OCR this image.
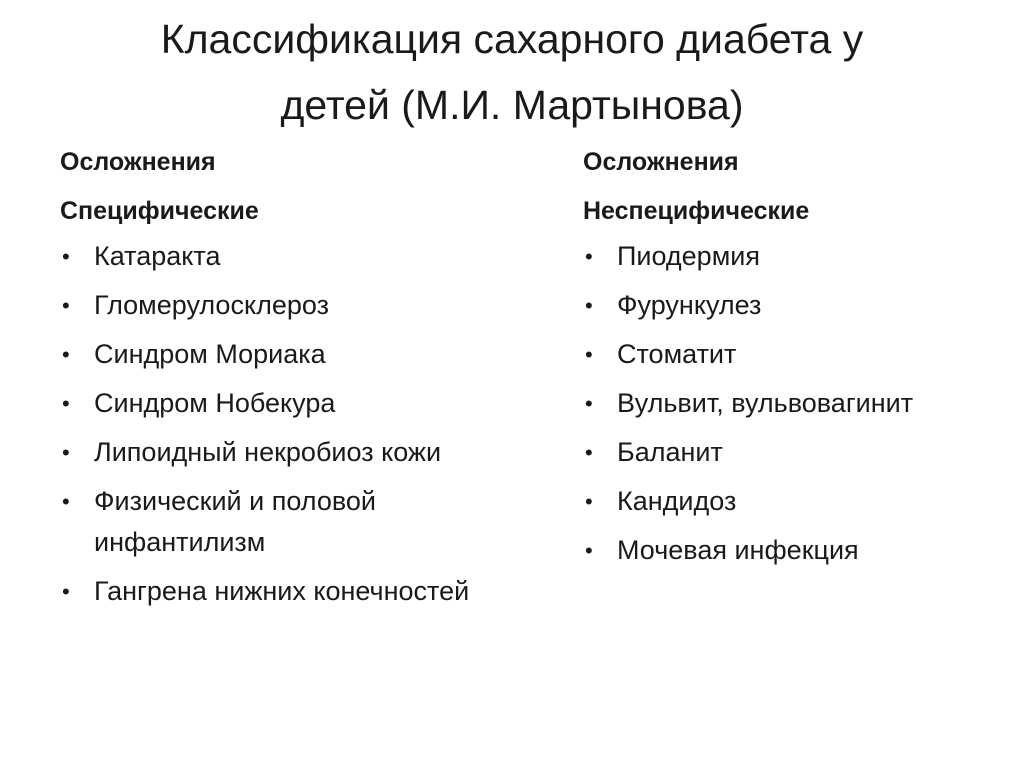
Классификация сахарного диабета у
детей (М.И. Мартынова)

Осложнения

Специфические

• Катаракта
• Гломерулосклероз
• Синдром Мориака
• Синдром Нобекура
• Липоидный некробиоз кожи
• Физический и половой инфантилизм
• Гангрена нижних конечностей

Осложнения

Неспецифические

• Пиодермия
• Фурункулез
• Стоматит
• Вульвит, вульвовагинит
• Баланит
• Кандидоз
• Мочевая инфекция
